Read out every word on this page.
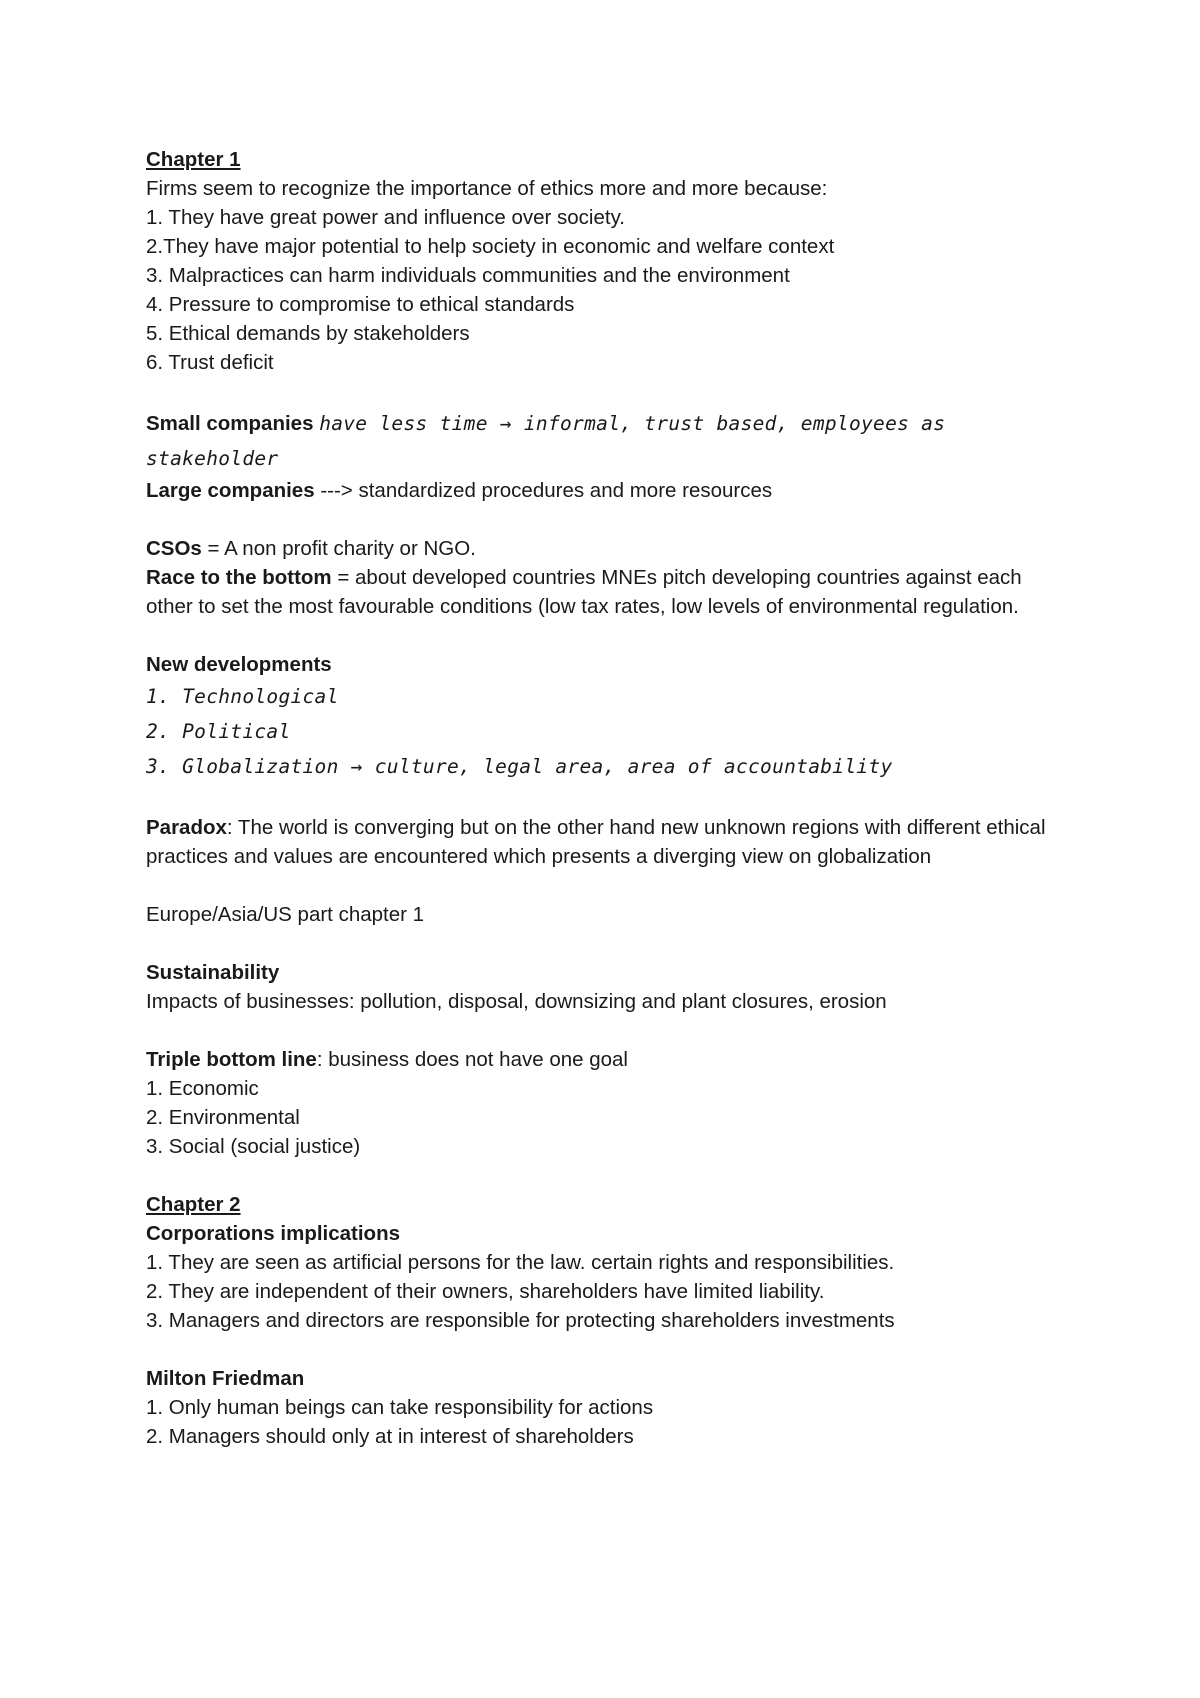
Chapter 1
Firms seem to recognize the importance of ethics more and more because:
1. They have great power and influence over society.
2.They have major potential to help society in economic and welfare context
3. Malpractices can harm individuals communities and the environment
4. Pressure to compromise to ethical standards
5. Ethical demands by stakeholders
6. Trust deficit
Small companies have less time → informal, trust based, employees as
stakeholder
Large companies ---> standardized procedures and more resources
CSOs = A non profit charity or NGO.
Race to the bottom = about developed countries MNEs pitch developing countries against each other to set the most favourable conditions (low tax rates, low levels of environmental regulation.
New developments
1. Technological
2. Political
3. Globalization → culture, legal area, area of accountability
Paradox: The world is converging but on the other hand new unknown regions with different ethical practices and values are encountered which presents a diverging view on globalization
Europe/Asia/US part chapter 1
Sustainability
Impacts of businesses: pollution, disposal, downsizing and plant closures, erosion
Triple bottom line: business does not have one goal
1. Economic
2. Environmental
3. Social (social justice)
Chapter 2
Corporations implications
1. They are seen as artificial persons for the law. certain rights and responsibilities.
2. They are independent of their owners, shareholders have limited liability.
3. Managers and directors are responsible for protecting shareholders investments
Milton Friedman
1. Only human beings can take responsibility for actions
2. Managers should only at in interest of shareholders
